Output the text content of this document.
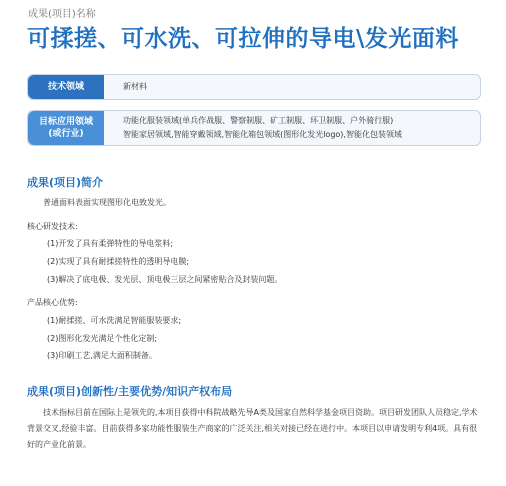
成果(项目)名称
可揉搓、可水洗、可拉伸的导电\发光面料
技术领域	新材料
目标应用领域
(或行业)
功能化服装领域(单兵作战服、警察制服、矿工制服、环卫制服、户外骑行服)
智能家居领域,智能穿戴领域,智能化箱包领域(图形化发光logo),智能化包装领域
成果(项目)简介
普通面料表面实现图形化电致发光。
核心研发技术:
(1)开发了具有柔弹特性的导电浆料;
(2)实现了具有耐揉搓特性的透明导电膜;
(3)解决了底电极、发光层、顶电极三层之间紧密贴合及封装问题。
产品核心优势:
(1)耐揉搓、可水洗满足智能服装要求;
(2)图形化发光满足个性化定制;
(3)印刷工艺,满足大面积制备。
成果(项目)创新性/主要优势/知识产权布局
技术指标目前在国际上是领先的,本项目获得中科院战略先导A类及国家自然科学基金项目资助。项目研发团队人员稳定,学术背景交叉,经验丰富。目前获得多家功能性服装生产商家的广泛关注,相关对接已经在进行中。本项目以申请发明专利4项。具有很好的产业化前景。
